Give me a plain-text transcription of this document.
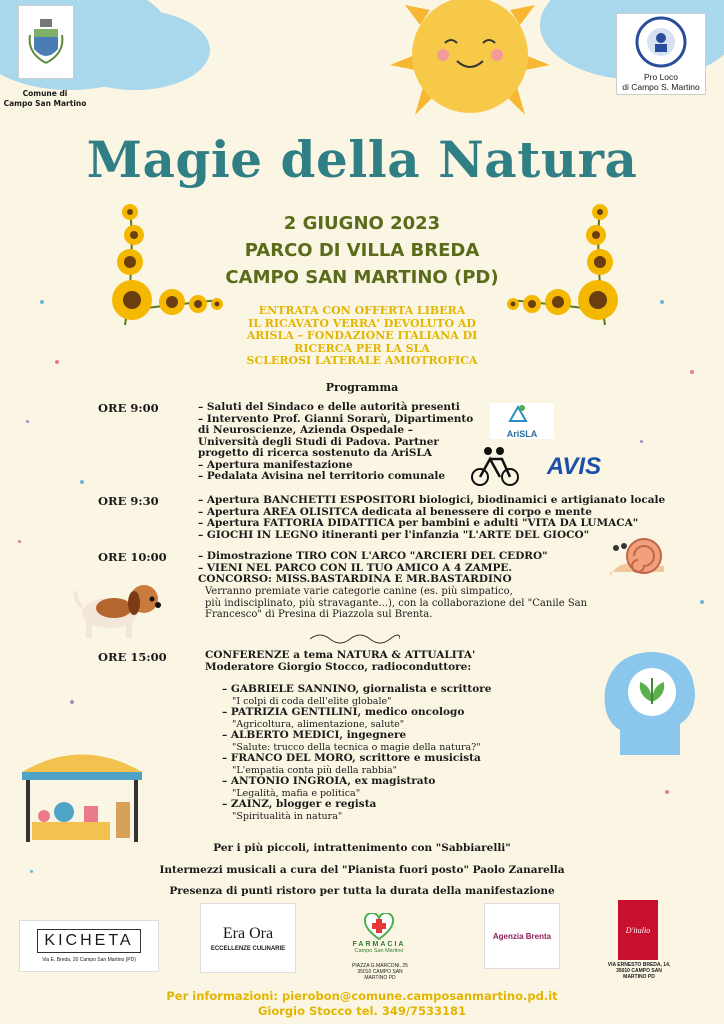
Comune di
Campo San Martino
Pro Loco
di Campo S. Martino
Magie della Natura
2 GIUGNO 2023
PARCO DI VILLA BREDA
CAMPO SAN MARTINO (PD)
ENTRATA CON OFFERTA LIBERA
IL RICAVATO VERRA' DEVOLUTO AD
ARISLA – FONDAZIONE ITALIANA DI
RICERCA PER LA SLA
SCLEROSI LATERALE AMIOTROFICA
Programma
ORE 9:00	– Saluti del Sindaco e delle autorità presenti
– Intervento Prof. Gianni Sorarù, Dipartimento
di Neuroscienze, Azienda Ospedale –
Università degli Studi di Padova. Partner
progetto di ricerca sostenuto da AriSLA
– Apertura manifestazione
– Pedalata Avisina nel territorio comunale
AriSLA
AVIS
ORE 9:30	– Apertura BANCHETTI ESPOSITORI biologici, biodinamici e artigianato locale
– Apertura AREA OLISITCA dedicata al benessere di corpo e mente
– Apertura FATTORIA DIDATTICA per bambini e adulti "VITA DA LUMACA"
– GIOCHI IN LEGNO itineranti per l'infanzia "L'ARTE DEL GIOCO"
ORE 10:00	– Dimostrazione TIRO CON L'ARCO "ARCIERI DEL CEDRO"
– VIENI NEL PARCO CON IL TUO AMICO A 4 ZAMPE.
CONCORSO: MISS.BASTARDINA E MR.BASTARDINO
Verranno premiate varie categorie canine (es. più simpatico,
più indisciplinato, più stravagante...), con la collaborazione del "Canile San
Francesco" di Presina di Piazzola sul Brenta.
ORE 15:00	CONFERENZE a tema NATURA & ATTUALITA'
Moderatore Giorgio Stocco, radioconduttore:
– GABRIELE SANNINO, giornalista e scrittore
"I colpi di coda dell'elite globale"
– PATRIZIA GENTILINI, medico oncologo
"Agricoltura, alimentazione, salute"
– ALBERTO MEDICI, ingegnere
"Salute: trucco della tecnica o magie della natura?"
– FRANCO DEL MORO, scrittore e musicista
"L'empatia conta più della rabbia"
– ANTONIO INGROIA, ex magistrato
"Legalità, mafia e politica"
– ZAINZ, blogger e regista
"Spiritualità in natura"
Per i più piccoli, intrattenimento con "Sabbiarelli"
Intermezzi musicali a cura del "Pianista fuori posto" Paolo Zanarella
Presenza di punti ristoro per tutta la durata della manifestazione
KICHETA
Via E. Breda, 20 Campo San Martino (PD)
Era Ora
ECCELLENZE CULINARIE
FARMACIA
Campo San Martino
PIAZZA G.MARCONI, 25 35010 CAMPO SAN MARTINO PD
Agenzia Brenta
D'italio
VIA ERNESTO BREDA, 14, 35010 CAMPO SAN MARTINO PD
Per informazioni: pierobon@comune.camposanmartino.pd.it
Giorgio Stocco tel. 349/7533181
